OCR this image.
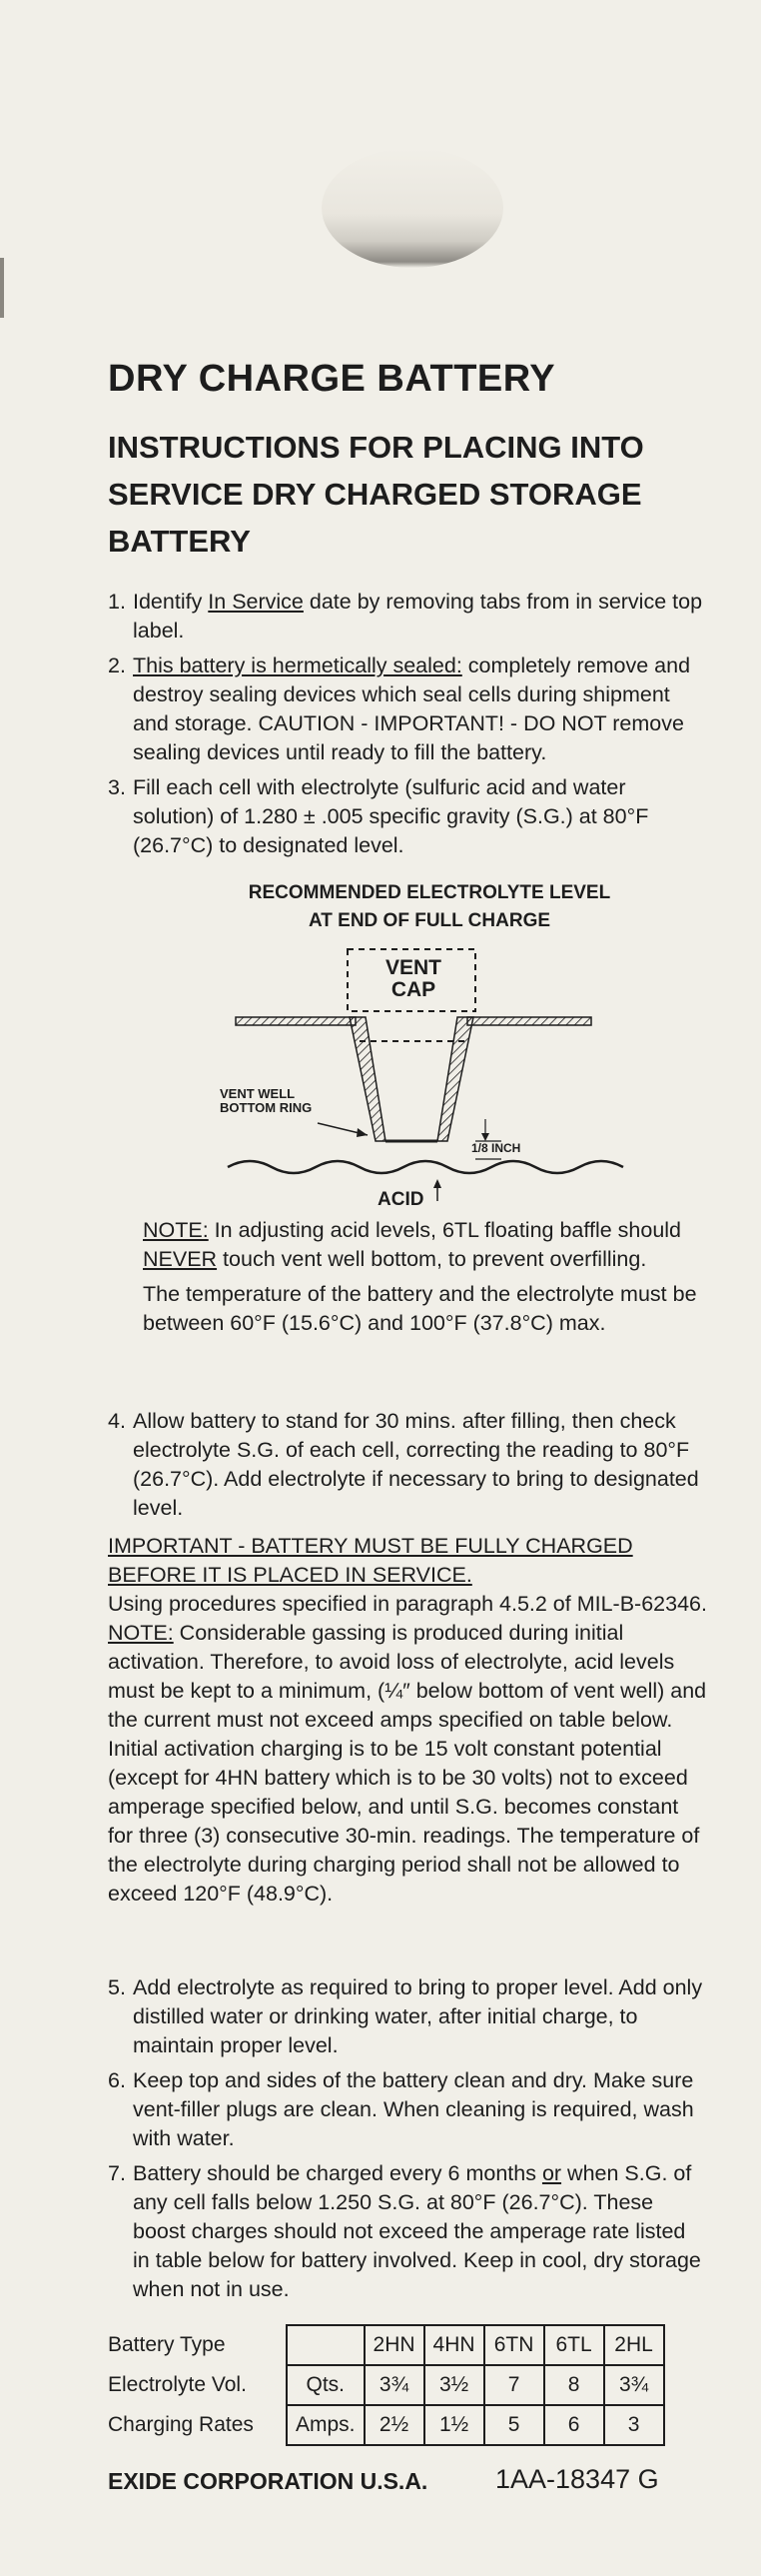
DRY CHARGE BATTERY
INSTRUCTIONS FOR PLACING INTO SERVICE DRY CHARGED STORAGE BATTERY
1. Identify In Service date by removing tabs from in service top label.
2. This battery is hermetically sealed: completely remove and destroy sealing devices which seal cells during shipment and storage. CAUTION - IMPORTANT! - DO NOT remove sealing devices until ready to fill the battery.
3. Fill each cell with electrolyte (sulfuric acid and water solution) of 1.280 ± .005 specific gravity (S.G.) at 80°F (26.7°C) to designated level.
RECOMMENDED ELECTROLYTE LEVEL
AT END OF FULL CHARGE
VENT
CAP
VENT WELL
BOTTOM RING
1/8 INCH
ACID

NOTE: In adjusting acid levels, 6TL floating baffle should NEVER touch vent well bottom, to prevent overfilling.

The temperature of the battery and the electrolyte must be between 60°F (15.6°C) and 100°F (37.8°C) max.

4. Allow battery to stand for 30 mins. after filling, then check electrolyte S.G. of each cell, correcting the reading to 80°F (26.7°C). Add electrolyte if necessary to bring to designated level.

IMPORTANT - BATTERY MUST BE FULLY CHARGED BEFORE IT IS PLACED IN SERVICE.

Using procedures specified in paragraph 4.5.2 of MIL-B-62346.

NOTE: Considerable gassing is produced during initial activation. Therefore, to avoid loss of electrolyte, acid levels must be kept to a minimum, (¼″ below bottom of vent well) and the current must not exceed amps specified on table below. Initial activation charging is to be 15 volt constant potential (except for 4HN battery which is to be 30 volts) not to exceed amperage specified below, and until S.G. becomes constant for three (3) consecutive 30-min. readings. The temperature of the electrolyte during charging period shall not be allowed to exceed 120°F (48.9°C).

5. Add electrolyte as required to bring to proper level. Add only distilled water or drinking water, after initial charge, to maintain proper level.
6. Keep top and sides of the battery clean and dry. Make sure vent-filler plugs are clean. When cleaning is required, wash with water.
7. Battery should be charged every 6 months or when S.G. of any cell falls below 1.250 S.G. at 80°F (26.7°C). These boost charges should not exceed the amperage rate listed in table below for battery involved. Keep in cool, dry storage when not in use.
Battery Type		2HN	4HN	6TN	6TL	2HL
Electrolyte Vol.	Qts.	3¾	3½	7	8	3¾
Charging Rates	Amps.	2½	1½	5	6	3
EXIDE CORPORATION U.S.A.	1AA-18347 G
